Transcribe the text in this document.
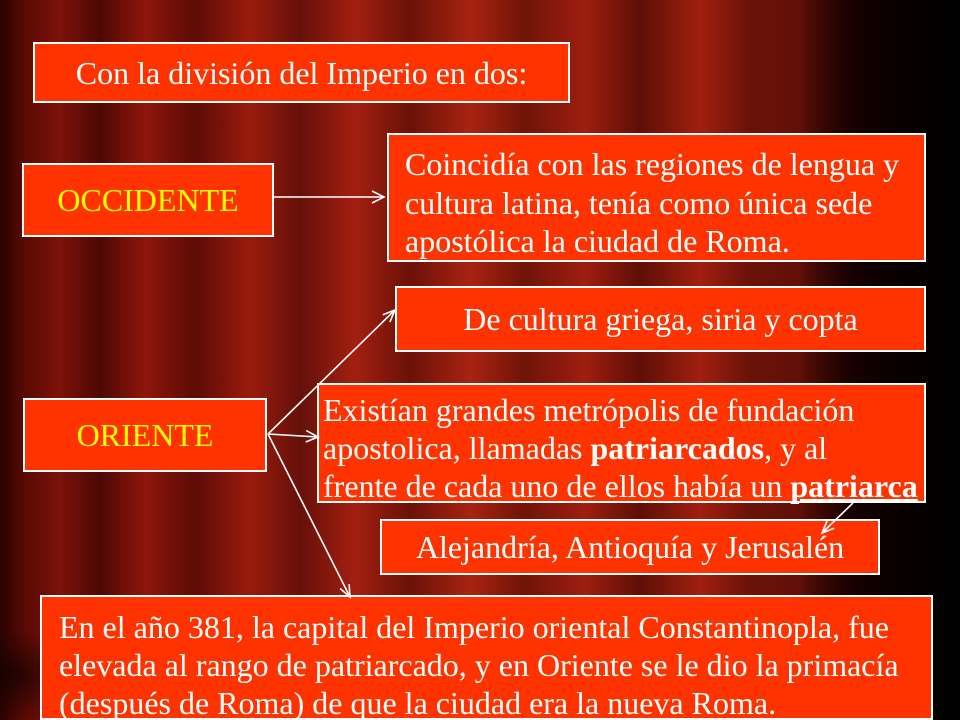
Con la división del Imperio en dos:
OCCIDENTE
Coincidía con las regiones de lengua y
cultura latina, tenía como única sede
apostólica la ciudad de Roma.
De cultura griega, siria y copta
ORIENTE
Existían grandes metrópolis de fundación
apostolica, llamadas patriarcados, y al
frente de cada uno de ellos había un patriarca
Alejandría, Antioquía y Jerusalén
En el año 381, la capital del Imperio oriental Constantinopla, fue
elevada al rango de patriarcado, y en Oriente se le dio la primacía
(después de Roma) de que la ciudad era la nueva Roma.
